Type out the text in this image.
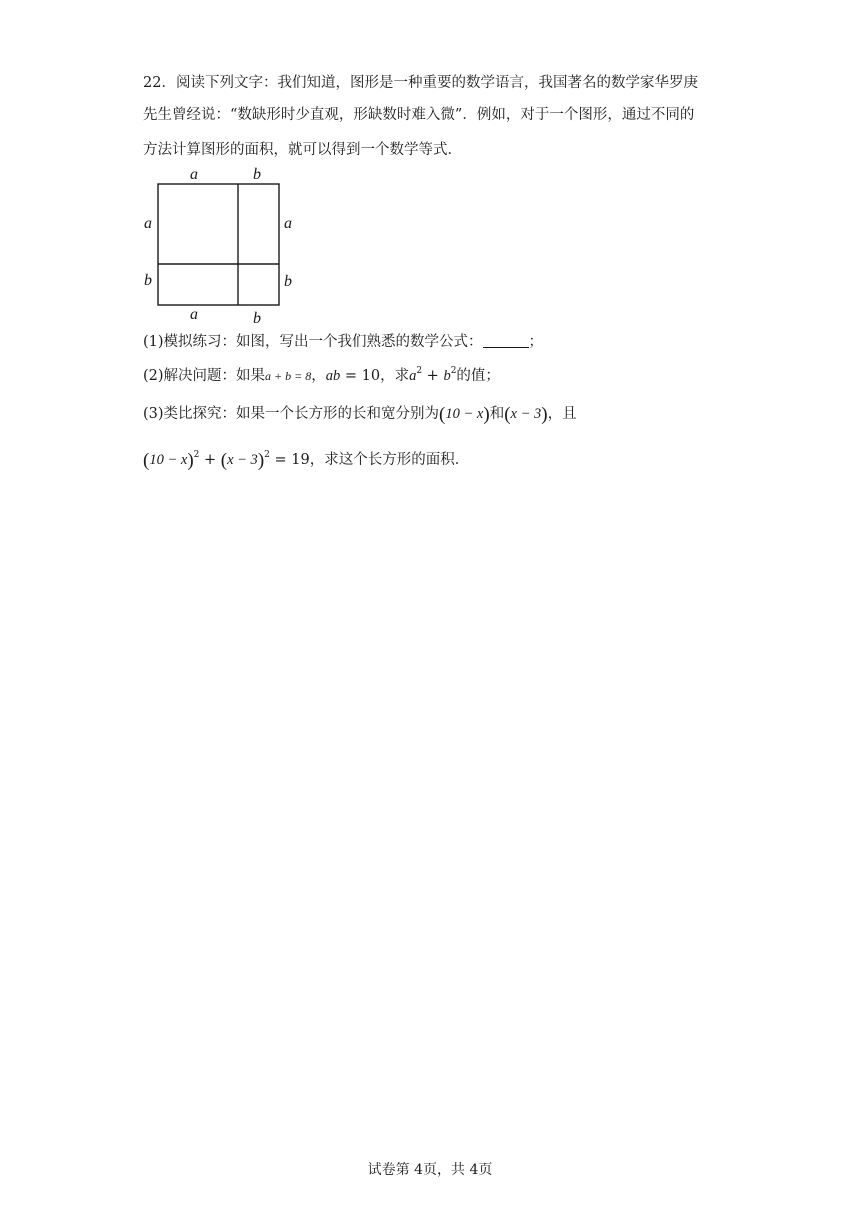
22．阅读下列文字：我们知道，图形是一种重要的数学语言，我国著名的数学家华罗庚
先生曾经说：“数缺形时少直观，形缺数时难入微”．例如，对于一个图形，通过不同的
方法计算图形的面积，就可以得到一个数学等式．
a	b
a
b
a
b
a	b
(1)模拟练习：如图，写出一个我们熟悉的数学公式：	；
(2)解决问题：如果a + b = 8，ab = 10，求$a^2 + b^2$的值；
(3)类比探究：如果一个长方形的长和宽分别为(10 − x)和(x − 3)，且
$(10 - x)^2 + (x - 3)^2 = 19$，求这个长方形的面积．
试卷第 4页，共 4页
